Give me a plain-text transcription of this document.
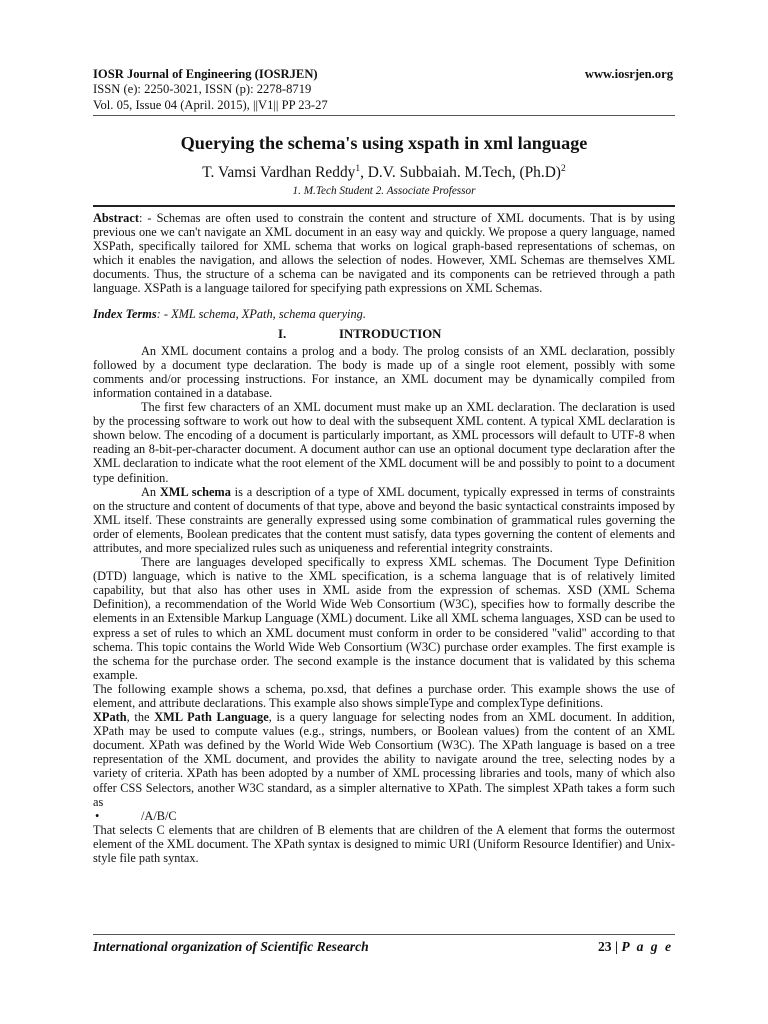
IOSR Journal of Engineering (IOSRJEN)
ISSN (e): 2250-3021, ISSN (p): 2278-8719
Vol. 05, Issue 04 (April. 2015), ||V1|| PP 23-27
www.iosrjen.org
Querying the schema's using xspath in xml language
T. Vamsi Vardhan Reddy$^1$, D.V. Subbaiah. M.Tech, $(Ph.D)^2$
1. M.Tech Student 2. Associate Professor

Abstract: - Schemas are often used to constrain the content and structure of XML documents. That is by using previous one we can't navigate an XML document in an easy way and quickly. We propose a query language, named XSPath, specifically tailored for XML schema that works on logical graph-based representations of schemas, on which it enables the navigation, and allows the selection of nodes. However, XML Schemas are themselves XML documents. Thus, the structure of a schema can be navigated and its components can be retrieved through a path language. XSPath is a language tailored for specifying path expressions on XML Schemas.

Index Terms: - XML schema, XPath, schema querying.

I.	INTRODUCTION

An XML document contains a prolog and a body. The prolog consists of an XML declaration, possibly followed by a document type declaration. The body is made up of a single root element, possibly with some comments and/or processing instructions. For instance, an XML document may be dynamically compiled from information contained in a database.

The first few characters of an XML document must make up an XML declaration. The declaration is used by the processing software to work out how to deal with the subsequent XML content. A typical XML declaration is shown below. The encoding of a document is particularly important, as XML processors will default to UTF-8 when reading an 8-bit-per-character document. A document author can use an optional document type declaration after the XML declaration to indicate what the root element of the XML document will be and possibly to point to a document type definition.

An XML schema is a description of a type of XML document, typically expressed in terms of constraints on the structure and content of documents of that type, above and beyond the basic syntactical constraints imposed by XML itself. These constraints are generally expressed using some combination of grammatical rules governing the order of elements, Boolean predicates that the content must satisfy, data types governing the content of elements and attributes, and more specialized rules such as uniqueness and referential integrity constraints.

There are languages developed specifically to express XML schemas. The Document Type Definition (DTD) language, which is native to the XML specification, is a schema language that is of relatively limited capability, but that also has other uses in XML aside from the expression of schemas. XSD (XML Schema Definition), a recommendation of the World Wide Web Consortium (W3C), specifies how to formally describe the elements in an Extensible Markup Language (XML) document. Like all XML schema languages, XSD can be used to express a set of rules to which an XML document must conform in order to be considered "valid" according to that schema. This topic contains the World Wide Web Consortium (W3C) purchase order examples. The first example is the schema for the purchase order. The second example is the instance document that is validated by this schema example.

The following example shows a schema, po.xsd, that defines a purchase order. This example shows the use of element, and attribute declarations. This example also shows simpleType and complexType definitions.

XPath, the XML Path Language, is a query language for selecting nodes from an XML document. In addition, XPath may be used to compute values (e.g., strings, numbers, or Boolean values) from the content of an XML document. XPath was defined by the World Wide Web Consortium (W3C). The XPath language is based on a tree representation of the XML document, and provides the ability to navigate around the tree, selecting nodes by a variety of criteria. XPath has been adopted by a number of XML processing libraries and tools, many of which also offer CSS Selectors, another W3C standard, as a simpler alternative to XPath. The simplest XPath takes a form such as

•	/A/B/C

That selects C elements that are children of B elements that are children of the A element that forms the outermost element of the XML document. The XPath syntax is designed to mimic URI (Uniform Resource Identifier) and Unix-style file path syntax.

International organization of Scientific Research	23 | P a g e
